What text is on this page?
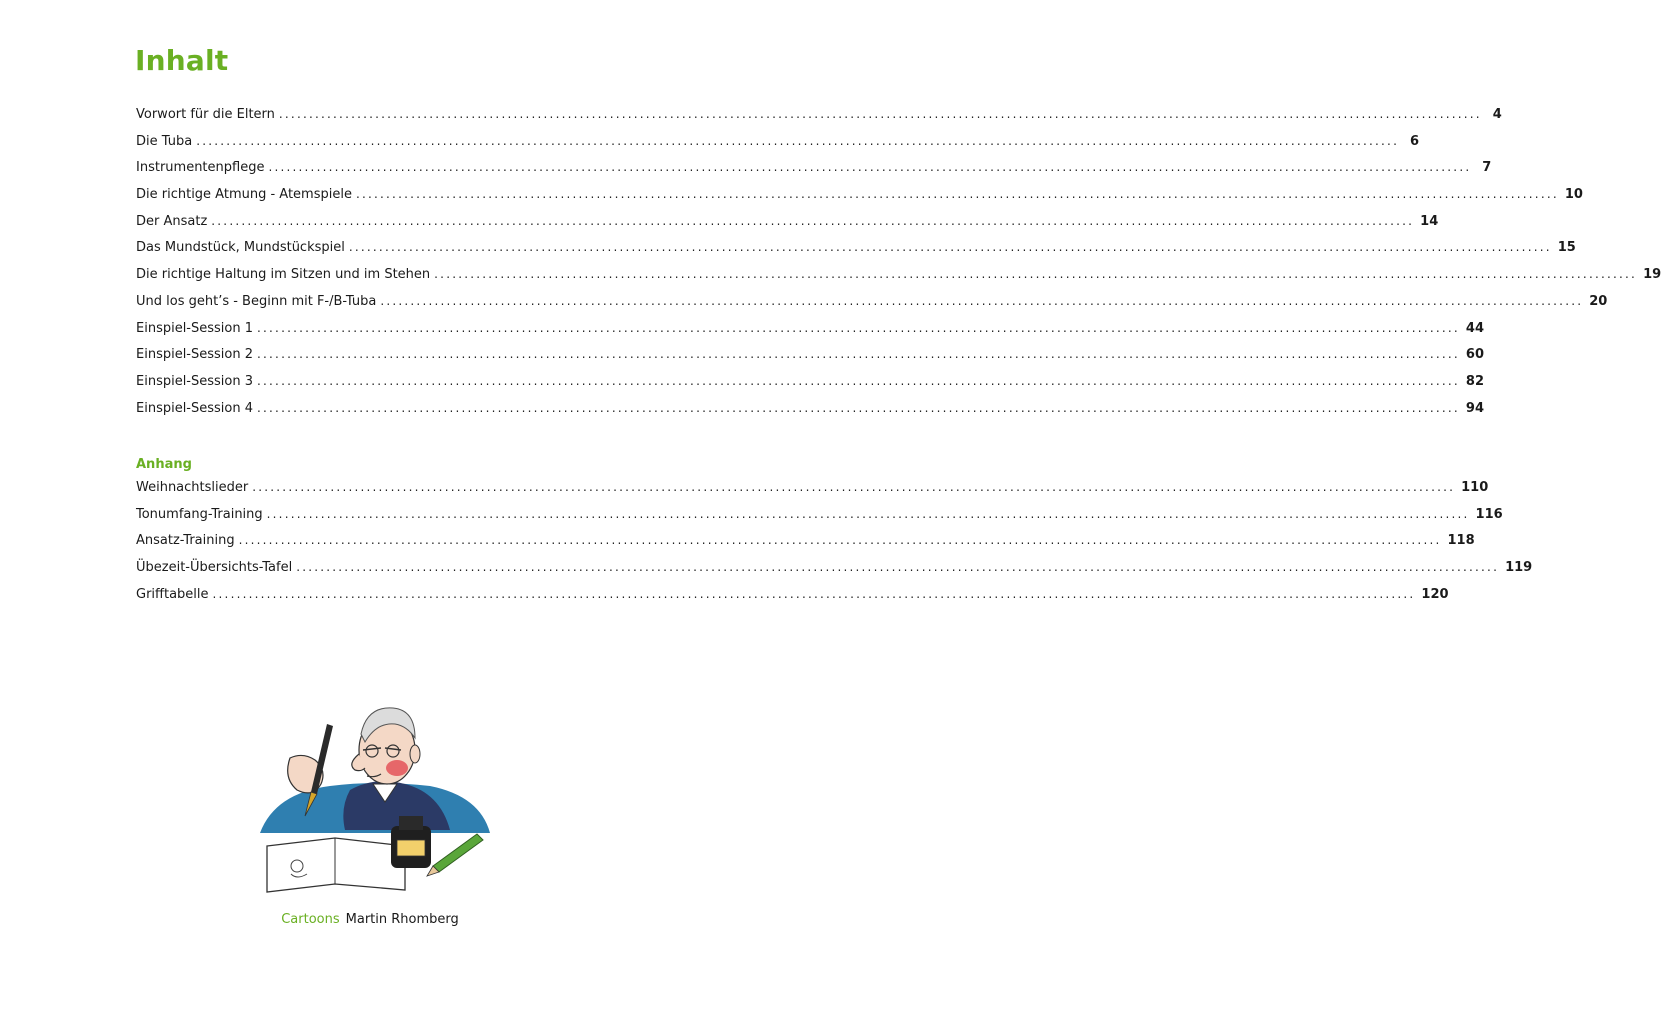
Inhalt
Vorwort für die Eltern ........................................................................................................................................................................................................ 4
Die Tuba ........................................................................................................................................................................................................ 6
Instrumentenpflege ........................................................................................................................................................................................................ 7
Die richtige Atmung - Atemspiele ........................................................................................................................................................................................................ 10
Der Ansatz ........................................................................................................................................................................................................ 14
Das Mundstück, Mundstückspiel ........................................................................................................................................................................................................ 15
Die richtige Haltung im Sitzen und im Stehen ........................................................................................................................................................................................................ 19
Und los geht’s - Beginn mit F-/B-Tuba ........................................................................................................................................................................................................ 20
Einspiel-Session 1 ........................................................................................................................................................................................................ 44
Einspiel-Session 2 ........................................................................................................................................................................................................ 60
Einspiel-Session 3 ........................................................................................................................................................................................................ 82
Einspiel-Session 4 ........................................................................................................................................................................................................ 94
Anhang
Weihnachtslieder ........................................................................................................................................................................................................ 110
Tonumfang-Training ........................................................................................................................................................................................................ 116
Ansatz-Training ........................................................................................................................................................................................................ 118
Übezeit-Übersichts-Tafel ........................................................................................................................................................................................................ 119
Grifftabelle ........................................................................................................................................................................................................ 120
Cartoons Martin Rhomberg
